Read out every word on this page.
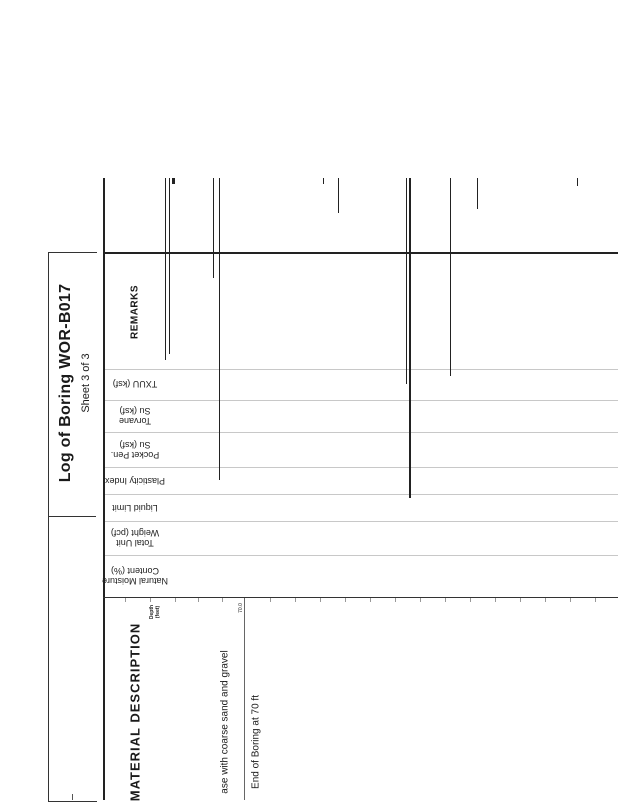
Log of Boring WOR-B017 Sheet 3 of 3
REMARKS
TXUU (ksf)
Torvane
Su (ksf)
Pocket Pen.
Su (ksf)
Plasticity Index
Liquid Limit
Total Unit
Weight (pcf)
Natural Moisture
Content (%)
Depth (feet)
MATERIAL DESCRIPTION	ase with coarse sand and gravel End of Boring at 70 ft
70.0
